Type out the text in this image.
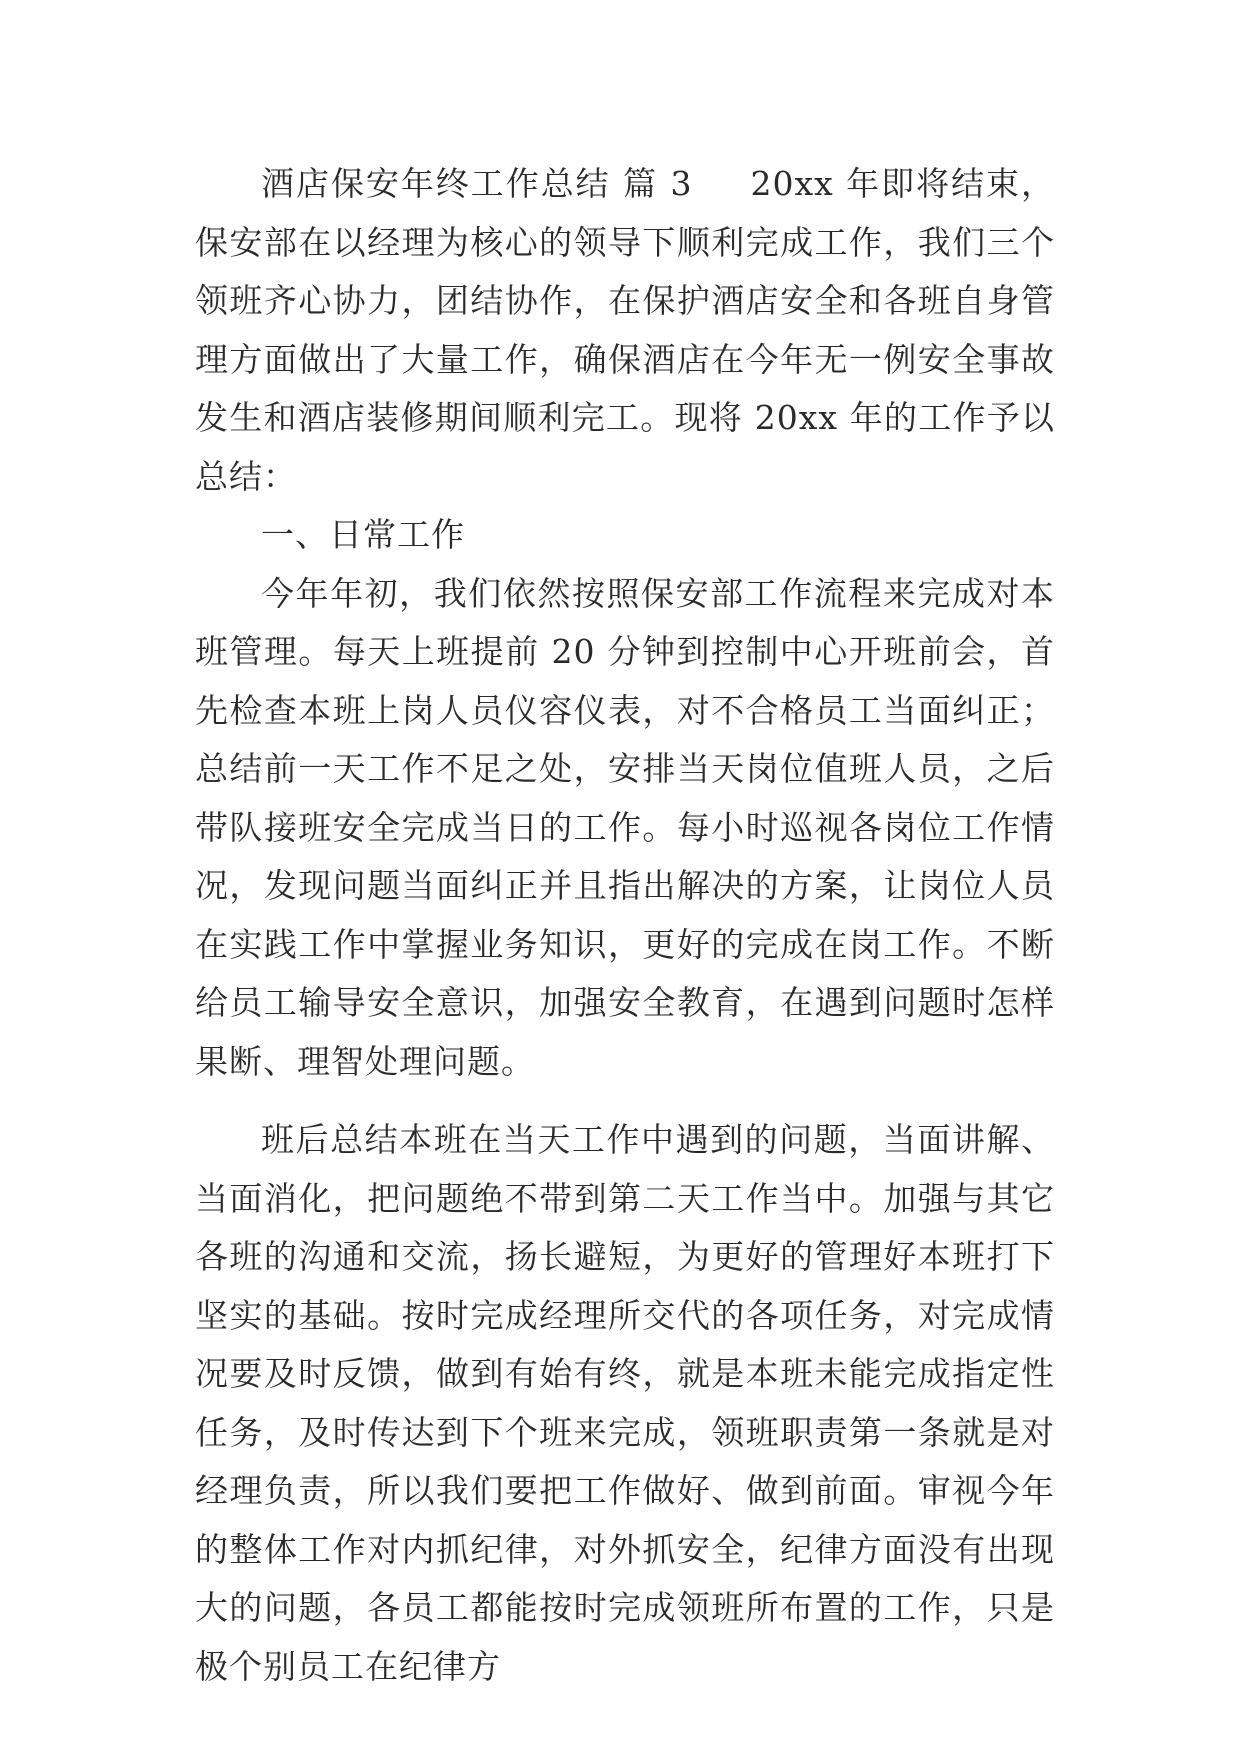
酒店保安年终工作总结 篇 3 20xx 年即将结束，保安部在以经理为核心的领导下顺利完成工作，我们三个领班齐心协力，团结协作，在保护酒店安全和各班自身管理方面做出了大量工作，确保酒店在今年无一例安全事故发生和酒店装修期间顺利完工。现将 20xx 年的工作予以总结：

一、日常工作

今年年初，我们依然按照保安部工作流程来完成对本班管理。每天上班提前 20 分钟到控制中心开班前会，首先检查本班上岗人员仪容仪表，对不合格员工当面纠正；总结前一天工作不足之处，安排当天岗位值班人员，之后带队接班安全完成当日的工作。每小时巡视各岗位工作情况，发现问题当面纠正并且指出解决的方案，让岗位人员在实践工作中掌握业务知识，更好的完成在岗工作。不断给员工输导安全意识，加强安全教育，在遇到问题时怎样果断、理智处理问题。

班后总结本班在当天工作中遇到的问题，当面讲解、当面消化，把问题绝不带到第二天工作当中。加强与其它各班的沟通和交流，扬长避短，为更好的管理好本班打下坚实的基础。按时完成经理所交代的各项任务，对完成情况要及时反馈，做到有始有终，就是本班未能完成指定性任务，及时传达到下个班来完成，领班职责第一条就是对经理负责，所以我们要把工作做好、做到前面。审视今年的整体工作对内抓纪律，对外抓安全，纪律方面没有出现大的问题，各员工都能按时完成领班所布置的工作，只是极个别员工在纪律方
